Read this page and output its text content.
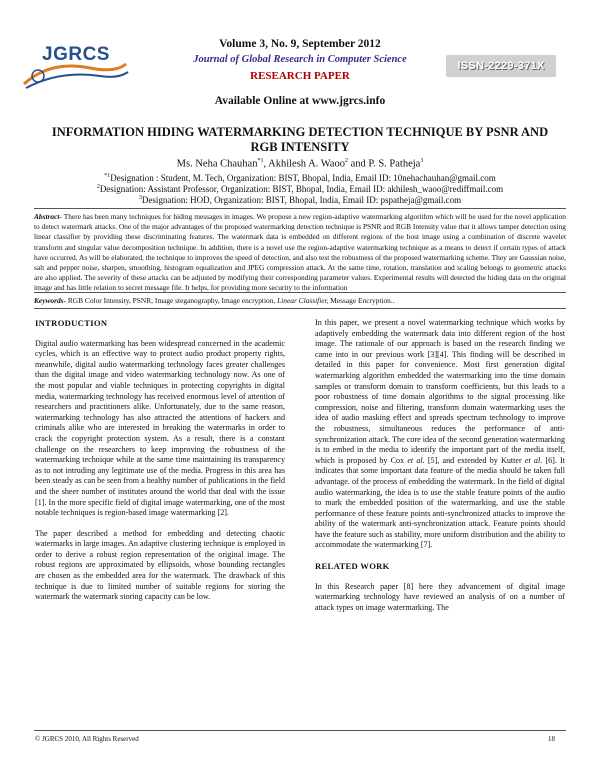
JGRCS	Volume 3, No. 9, September 2012
Journal of Global Research in Computer Science
RESEARCH PAPER
Available Online at www.jgrcs.info
ISSN-2229-371X
INFORMATION HIDING WATERMARKING DETECTION TECHNIQUE BY PSNR AND RGB INTENSITY
Ms. Neha Chauhan$^{*1}$, Akhilesh A. Waoo$^2$ and P. S. Patheja$^3$
$^{*1}$Designation : Student, M. Tech, Organization: BIST, Bhopal, India, Email ID: 10nehachauhan@gmail.com
$^2$Designation: Assistant Professor, Organization: BIST, Bhopal, India, Email ID: akhilesh_waoo@rediffmail.com
$^3$Designation: HOD, Organization: BIST, Bhopal, India, Email ID: pspatheja@gmail.com
Abstract- There has been many techniques for hiding messages in images. We propose a new region-adaptive watermarking algorithm which will be used for the novel application to detect watermark attacks. One of the major advantages of the proposed watermarking detection technique is PSNR and RGB Intensity value that it allows tamper detection using linear classifier by providing these discriminating features. The watermark data is embedded on different regions of the host image using a combination of discrete wavelet transform and singular value decomposition technique. In addition, there is a novel use the region-adaptive watermarking technique as a means to detect if certain types of attack have occurred. As will be elaborated, the technique to improves the speed of detection, and also test the robustness of the proposed watermarking scheme. They are Gaussian noise, salt and pepper noise, sharpen, smoothing, histogram equalization and JPEG compression attack. At the same time, rotation, translation and scaling belongs to geometric attacks are also applied. The severity of these attacks can be adjusted by modifying their corresponding parameter values. Experimental results will detected the hiding data on the original image and has little relation to secret message file. It helps, for providing more security to the information
Keywords- RGB Color Intensity, PSNR, Image steganography, Image encryption, Linear Classifier, Message Encryption..

INTRODUCTION

Digital audio watermarking has been widespread concerned in the academic cycles, which is an effective way to protect audio product property rights, meanwhile, digital audio watermarking technology faces greater challenges than the digital image and video watermarking technology now. As one of the most popular and viable techniques in protecting copyrights in digital media, watermarking technology has received enormous level of attention of researchers and practitioners alike. Unfortunately, due to the same reason, watermarking technology has also attracted the attentions of hackers and criminals alike who are interested in breaking the watermarks in order to crack the copyright protection system. As a result, there is a constant challenge on the researchers to keep improving the robustness of the watermarking technique while at the same time maintaining its transparency as to not intruding any legitimate use of the media. Progress in this area has been steady as can be seen from a healthy number of publications in the field and the sheer number of institutes around the world that deal with the issue [1]. In the more specific field of digital image watermarking, one of the most notable techniques is region-based image watermarking [2].

The paper described a method for embedding and detecting chaotic watermarks in large images. An adaptive clustering technique is employed in order to derive a robust region representation of the original image. The robust regions are approximated by ellipsoids, whose bounding rectangles are chosen as the embedded area for the watermark. The drawback of this technique is due to limited number of suitable regions for storing the watermark the watermark storing capacity can be low.

In this paper, we present a novel watermarking technique which works by adaptively embedding the watermark data into different region of the host image. The rationale of our approach is based on the research finding we came into in our previous work [3][4]. This finding will be described in detailed in this paper for convenience. Most first generation digital watermarking algorithm embedded the watermarking into the time domain samples or transform domain to transform coefficients, but this leads to a poor robustness of time domain algorithms to the signal processing like compression, noise and filtering, transform domain watermarking uses the idea of audio masking effect and spreads spectrum technology to improve the robustness, simultaneous reduces the performance of anti-synchronization attack. The core idea of the second generation watermarking is to embed in the media to identify the important part of the media itself, which is proposed by Cox et al. [5], and extended by Kutter et al. [6]. It indicates that some important data feature of the media should be taken full advantage. of the process of embedding the watermark. In the field of digital audio watermarking, the idea is to use the stable feature points of the audio to mark the embedded position of the watermarking, and use the stable performance of these feature points anti-synchronized attacks to improve the ability of the watermark anti-synchronization attack. Feature points should have the feature such as stability, more uniform distribution and the ability to accommodate the watermarking [7].

RELATED WORK

In this Research paper [8] here they advancement of digital image watermarking technology have reviewed an analysis of on a number of attack types on image watermarking. The

© JGRCS 2010, All Rights Reserved	18
